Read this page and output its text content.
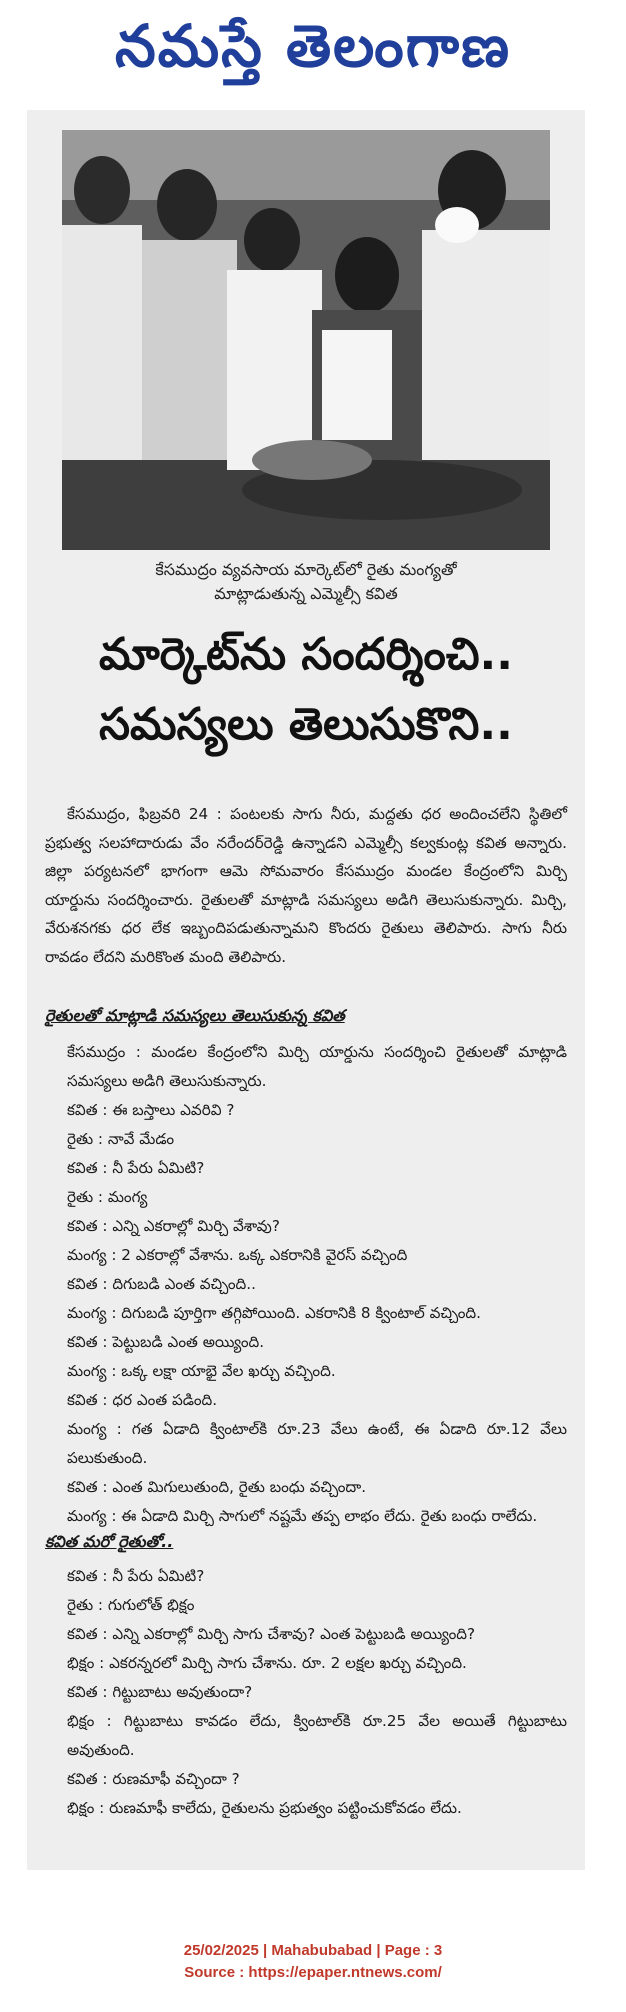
నమస్తే తెలంగాణ
కేసముద్రం వ్యవసాయ మార్కెట్‌లో రైతు మంగ్యతో
మాట్లాడుతున్న ఎమ్మెల్సీ కవిత
మార్కెట్‌ను సందర్శించి..
సమస్యలు తెలుసుకొని..
కేసముద్రం, ఫిబ్రవరి 24 : పంటలకు సాగు నీరు, మద్దతు ధర అందించలేని స్థితిలో ప్రభుత్వ సలహాదారుడు వేం నరేందర్‌రెడ్డి ఉన్నాడని ఎమ్మెల్సీ కల్వకుంట్ల కవిత అన్నారు. జిల్లా పర్యటనలో భాగంగా ఆమె సోమవారం కేసముద్రం మండల కేంద్రంలోని మిర్చి యార్డును సందర్శించారు. రైతులతో మాట్లాడి సమస్యలు అడిగి తెలుసుకున్నారు. మిర్చి, వేరుశనగకు ధర లేక ఇబ్బందిపడుతున్నామని కొందరు రైతులు తెలిపారు. సాగు నీరు రావడం లేదని మరికొంత మంది తెలిపారు.
రైతులతో మాట్లాడి సమస్యలు తెలుసుకున్న కవిత
కేసముద్రం : మండల కేంద్రంలోని మిర్చి యార్డును సందర్శించి రైతులతో మాట్లాడి సమస్యలు అడిగి తెలుసుకున్నారు.
కవిత : ఈ బస్తాలు ఎవరివి ?
రైతు : నావే మేడం
కవిత : నీ పేరు ఏమిటి?
రైతు : మంగ్య
కవిత : ఎన్ని ఎకరాల్లో మిర్చి వేశావు?
మంగ్య : 2 ఎకరాల్లో వేశాను. ఒక్క ఎకరానికి వైరస్ వచ్చింది
కవిత : దిగుబడి ఎంత వచ్చింది..
మంగ్య : దిగుబడి పూర్తిగా తగ్గిపోయింది. ఎకరానికి 8 క్వింటాల్ వచ్చింది.
కవిత : పెట్టుబడి ఎంత అయ్యింది.
మంగ్య : ఒక్క లక్షా యాభై వేల ఖర్చు వచ్చింది.
కవిత : ధర ఎంత పడింది.
మంగ్య : గత ఏడాది క్వింటాల్‌కి రూ.23 వేలు ఉంటే, ఈ ఏడాది రూ.12 వేలు పలుకుతుంది.
కవిత : ఎంత మిగులుతుంది, రైతు బంధు వచ్చిందా.
మంగ్య : ఈ ఏడాది మిర్చి సాగులో నష్టమే తప్ప లాభం లేదు. రైతు బంధు రాలేదు.
కవిత మరో రైతుతో..
కవిత : నీ పేరు ఏమిటి?
రైతు : గుగులోత్ భిక్షం
కవిత : ఎన్ని ఎకరాల్లో మిర్చి సాగు చేశావు? ఎంత పెట్టుబడి అయ్యింది?
భిక్షం : ఎకరన్నరలో మిర్చి సాగు చేశాను. రూ. 2 లక్షల ఖర్చు వచ్చింది.
కవిత : గిట్టుబాటు అవుతుందా?
భిక్షం : గిట్టుబాటు కావడం లేదు, క్వింటాల్‌కి రూ.25 వేల అయితే గిట్టుబాటు అవుతుంది.
కవిత : రుణమాఫీ వచ్చిందా ?
భిక్షం : రుణమాఫీ కాలేదు, రైతులను ప్రభుత్వం పట్టించుకోవడం లేదు.
25/02/2025 | Mahabubabad | Page : 3
Source : https://epaper.ntnews.com/
